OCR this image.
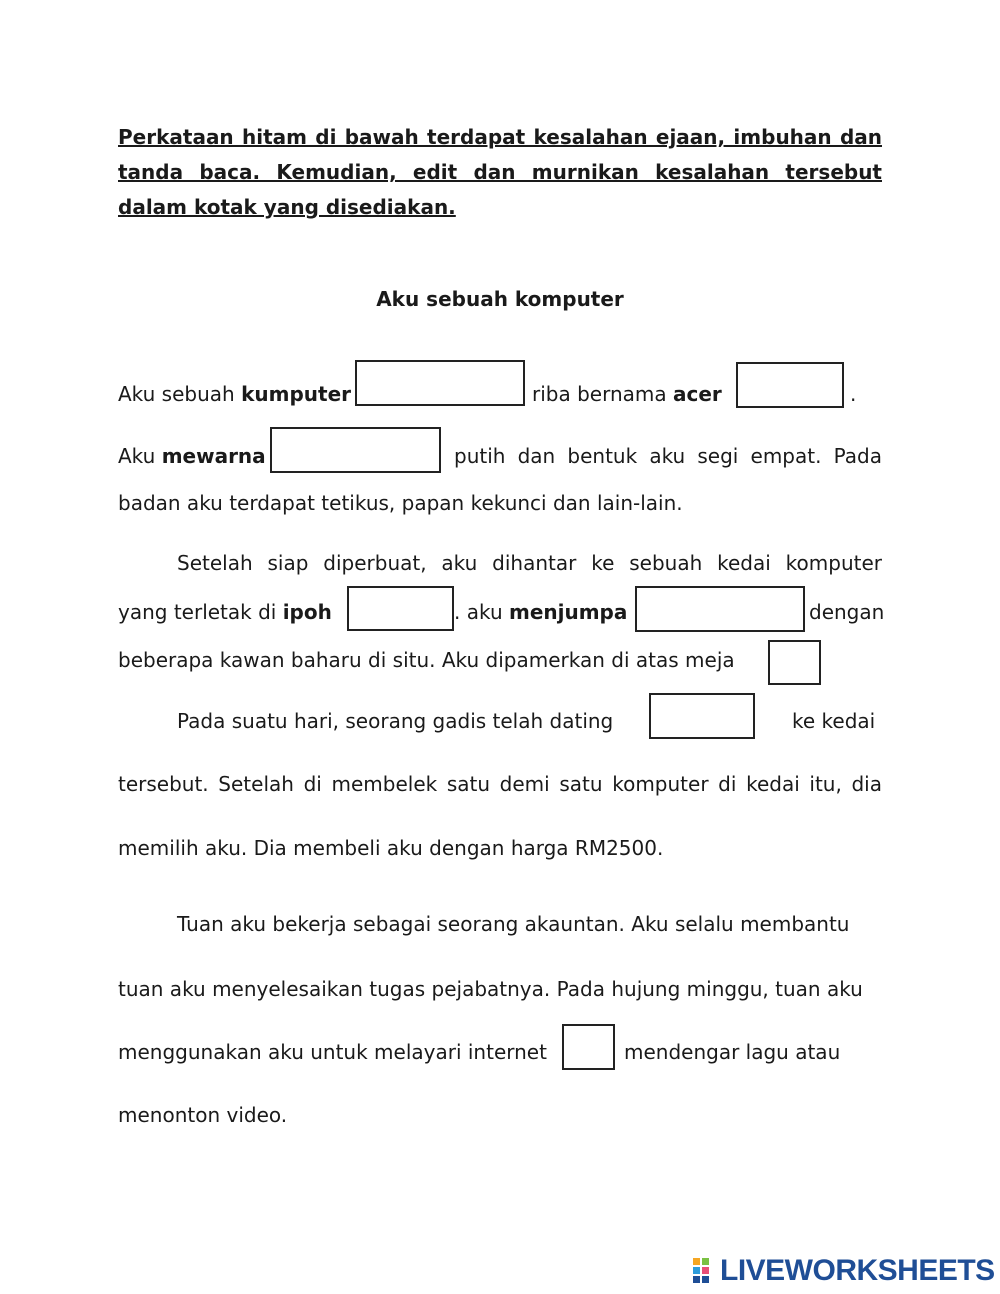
Perkataan hitam di bawah terdapat kesalahan ejaan, imbuhan dan tanda baca. Kemudian, edit dan murnikan kesalahan tersebut dalam kotak yang disediakan.
Aku sebuah komputer
Aku sebuah kumputer	riba bernama acer	.
Aku mewarna	putih dan bentuk aku segi empat. Pada
badan aku terdapat tetikus, papan kekunci dan lain-lain.
Setelah siap diperbuat, aku dihantar ke sebuah kedai komputer
yang terletak di ipoh	. aku menjumpa	dengan
beberapa kawan baharu di situ. Aku dipamerkan di atas meja
Pada suatu hari, seorang gadis telah dating	ke kedai
tersebut. Setelah di membelek satu demi satu komputer di kedai itu, dia
memilih aku. Dia membeli aku dengan harga RM2500.
Tuan aku bekerja sebagai seorang akauntan. Aku selalu membantu
tuan aku menyelesaikan tugas pejabatnya. Pada hujung minggu, tuan aku
menggunakan aku untuk melayari internet	mendengar lagu atau
menonton video.
LIVEWORKSHEETS
